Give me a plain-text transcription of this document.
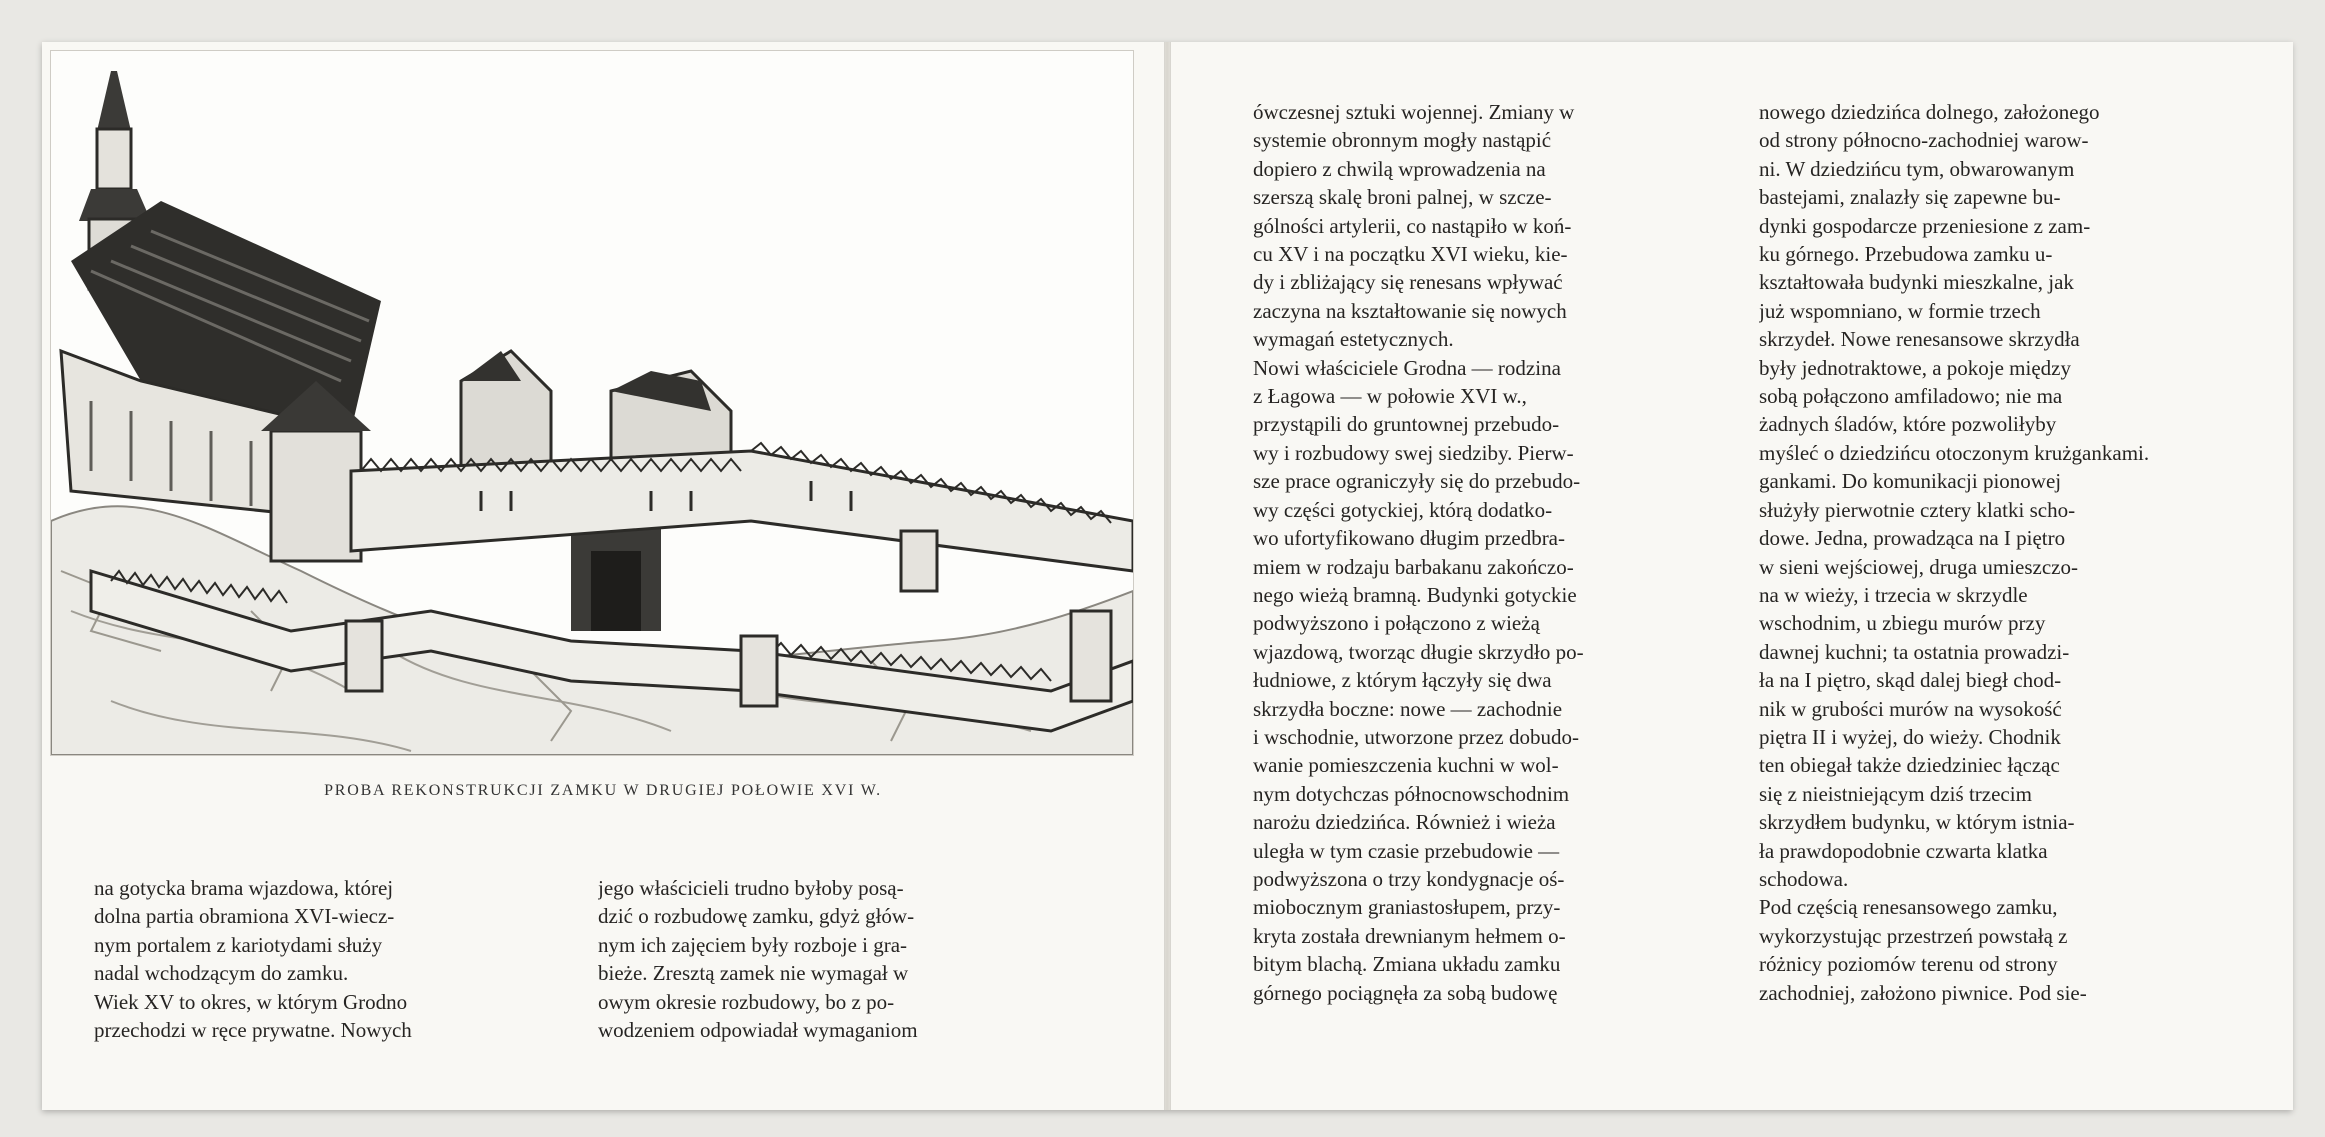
PROBA REKONSTRUKCJI ZAMKU W DRUGIEJ POŁOWIE XVI W.

na gotycka brama wjazdowa, której

dolna partia obramiona XVI-wiecz-

nym portalem z kariotydami służy

nadal wchodzącym do zamku.

Wiek XV to okres, w którym Grodno

przechodzi w ręce prywatne. Nowych

jego właścicieli trudno byłoby posą-

dzić o rozbudowę zamku, gdyż głów-

nym ich zajęciem były rozboje i gra-

bieże. Zresztą zamek nie wymagał w

owym okresie rozbudowy, bo z po-

wodzeniem odpowiadał wymaganiom

ówczesnej sztuki wojennej. Zmiany w

systemie obronnym mogły nastąpić

dopiero z chwilą wprowadzenia na

szerszą skalę broni palnej, w szcze-

gólności artylerii, co nastąpiło w koń-

cu XV i na początku XVI wieku, kie-

dy i zbliżający się renesans wpływać

zaczyna na kształtowanie się nowych

wymagań estetycznych.

Nowi właściciele Grodna — rodzina

z Łagowa — w połowie XVI w.,

przystąpili do gruntownej przebudo-

wy i rozbudowy swej siedziby. Pierw-

sze prace ograniczyły się do przebudo-

wy części gotyckiej, którą dodatko-

wo ufortyfikowano długim przedbra-

miem w rodzaju barbakanu zakończo-

nego wieżą bramną. Budynki gotyckie

podwyższono i połączono z wieżą

wjazdową, tworząc długie skrzydło po-

łudniowe, z którym łączyły się dwa

skrzydła boczne: nowe — zachodnie

i wschodnie, utworzone przez dobudo-

wanie pomieszczenia kuchni w wol-

nym dotychczas północnowschodnim

narożu dziedzińca. Również i wieża

uległa w tym czasie przebudowie —

podwyższona o trzy kondygnacje oś-

miobocznym graniastosłupem, przy-

kryta została drewnianym hełmem o-

bitym blachą. Zmiana układu zamku

górnego pociągnęła za sobą budowę

nowego dziedzińca dolnego, założonego

od strony północno-zachodniej warow-

ni. W dziedzińcu tym, obwarowanym

bastejami, znalazły się zapewne bu-

dynki gospodarcze przeniesione z zam-

ku górnego. Przebudowa zamku u-

kształtowała budynki mieszkalne, jak

już wspomniano, w formie trzech

skrzydeł. Nowe renesansowe skrzydła

były jednotraktowe, a pokoje między

sobą połączono amfiladowo; nie ma

żadnych śladów, które pozwoliłyby

myśleć o dziedzińcu otoczonym krużgankami.

gankami. Do komunikacji pionowej

służyły pierwotnie cztery klatki scho-

dowe. Jedna, prowadząca na I piętro

w sieni wejściowej, druga umieszczo-

na w wieży, i trzecia w skrzydle

wschodnim, u zbiegu murów przy

dawnej kuchni; ta ostatnia prowadzi-

ła na I piętro, skąd dalej biegł chod-

nik w grubości murów na wysokość

piętra II i wyżej, do wieży. Chodnik

ten obiegał także dziedziniec łącząc

się z nieistniejącym dziś trzecim

skrzydłem budynku, w którym istnia-

ła prawdopodobnie czwarta klatka

schodowa.

Pod częścią renesansowego zamku,

wykorzystując przestrzeń powstałą z

różnicy poziomów terenu od strony

zachodniej, założono piwnice. Pod sie-
